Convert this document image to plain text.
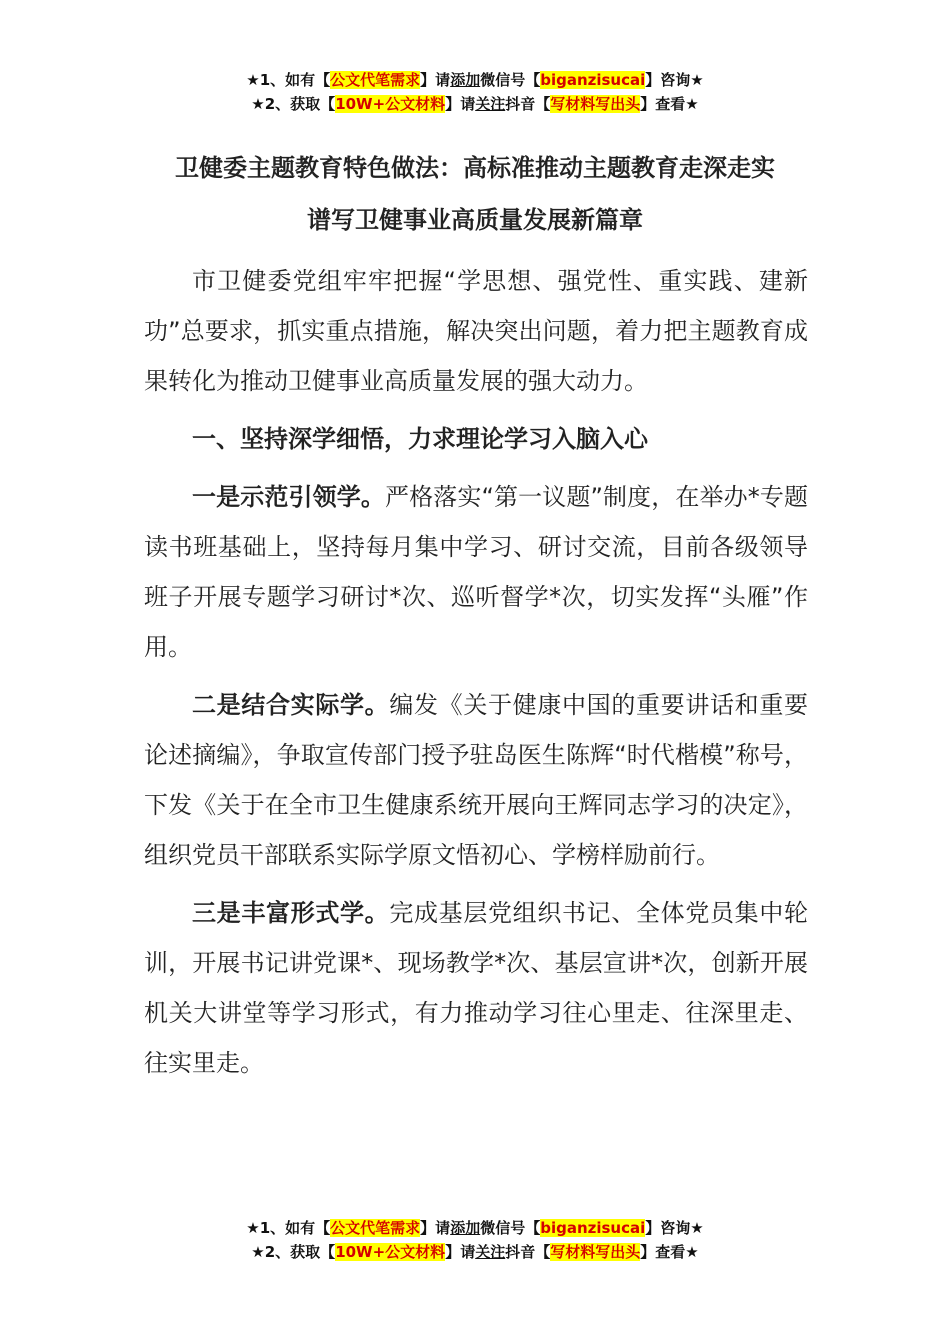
★1、如有【公文代笔需求】请添加微信号【biganzisucai】咨询★
★2、获取【10W+公文材料】请关注抖音【写材料写出头】查看★
卫健委主题教育特色做法：高标准推动主题教育走深走实
谱写卫健事业高质量发展新篇章

市卫健委党组牢牢把握“学思想、强党性、重实践、建新功”总要求，抓实重点措施，解决突出问题，着力把主题教育成果转化为推动卫健事业高质量发展的强大动力。

一、坚持深学细悟，力求理论学习入脑入心

一是示范引领学。严格落实“第一议题”制度，在举办*专题读书班基础上，坚持每月集中学习、研讨交流，目前各级领导班子开展专题学习研讨*次、巡听督学*次，切实发挥“头雁”作用。

二是结合实际学。编发《关于健康中国的重要讲话和重要论述摘编》，争取宣传部门授予驻岛医生陈辉“时代楷模”称号，下发《关于在全市卫生健康系统开展向王辉同志学习的决定》，组织党员干部联系实际学原文悟初心、学榜样励前行。

三是丰富形式学。完成基层党组织书记、全体党员集中轮训，开展书记讲党课*、现场教学*次、基层宣讲*次，创新开展机关大讲堂等学习形式，有力推动学习往心里走、往深里走、往实里走。

★1、如有【公文代笔需求】请添加微信号【biganzisucai】咨询★
★2、获取【10W+公文材料】请关注抖音【写材料写出头】查看★
